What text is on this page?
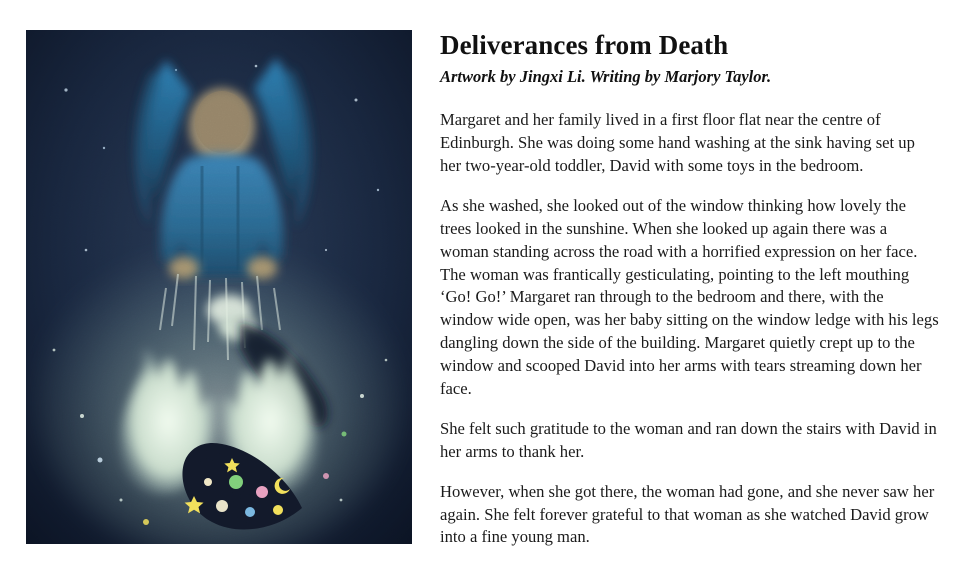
Deliverances from Death
Artwork by Jingxi Li. Writing by Marjory Taylor.

Margaret and her family lived in a first floor flat near the centre of Edinburgh. She was doing some hand washing at the sink having set up her two-year-old toddler, David with some toys in the bedroom.

As she washed, she looked out of the window thinking how lovely the trees looked in the sunshine. When she looked up again there was a woman standing across the road with a horrified expression on her face. The woman was frantically gesticulating, pointing to the left mouthing ‘Go! Go!’ Margaret ran through to the bedroom and there, with the window wide open, was her baby sitting on the window ledge with his legs dangling down the side of the building. Margaret quietly crept up to the window and scooped David into her arms with tears streaming down her face.

She felt such gratitude to the woman and ran down the stairs with David in her arms to thank her.

However, when she got there, the woman had gone, and she never saw her again. She felt forever grateful to that woman as she watched David grow into a fine young man.
